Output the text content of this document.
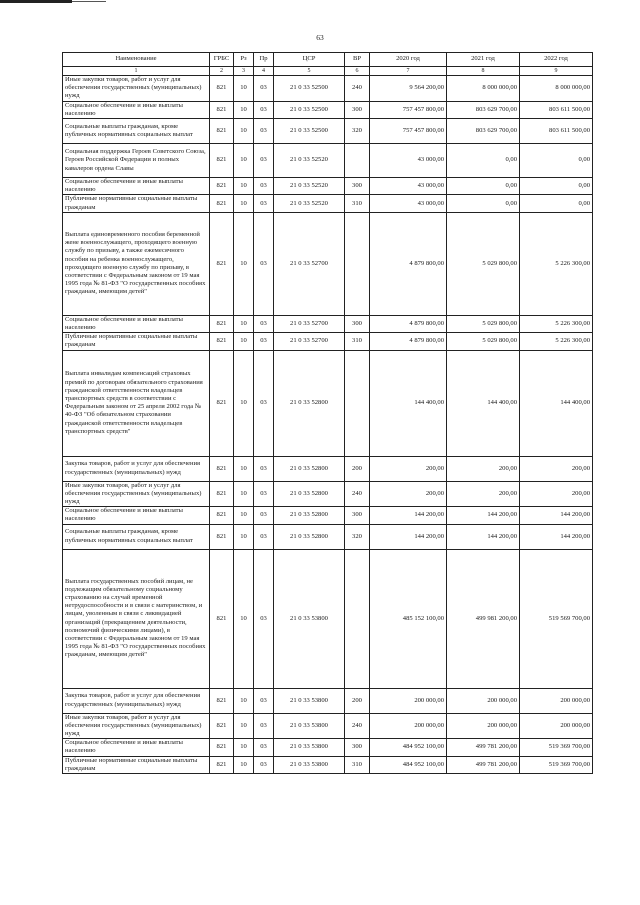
63
Наименование	ГРБС	Рз	Пр	ЦСР	ВР	2020 год	2021 год	2022 год
1	2	3	4	5	6	7	8	9
Иные закупки товаров, работ и услуг для обеспечения государственных (муниципальных) нужд	821	10	03	21 0 33 52500	240	9 564 200,00	8 000 000,00	8 000 000,00
Социальное обеспечение и иные выплаты населению	821	10	03	21 0 33 52500	300	757 457 800,00	803 629 700,00	803 611 500,00
Социальные выплаты гражданам, кроме публичных нормативных социальных выплат	821	10	03	21 0 33 52500	320	757 457 800,00	803 629 700,00	803 611 500,00
Социальная поддержка Героев Советского Союза, Героев Российской Федерации и полных кавалеров ордена Славы	821	10	03	21 0 33 52520		43 000,00	0,00	0,00
Социальное обеспечение и иные выплаты населению	821	10	03	21 0 33 52520	300	43 000,00	0,00	0,00
Публичные нормативные социальные выплаты гражданам	821	10	03	21 0 33 52520	310	43 000,00	0,00	0,00
Выплата единовременного пособия беременной жене военнослужащего, проходящего военную службу по призыву, а также ежемесячного пособия на ребенка военнослужащего, проходящего военную службу по призыву, в соответствии с Федеральным законом от 19 мая 1995 года № 81-ФЗ "О государственных пособиях гражданам, имеющим детей"	821	10	03	21 0 33 52700		4 879 800,00	5 029 800,00	5 226 300,00
Социальное обеспечение и иные выплаты населению	821	10	03	21 0 33 52700	300	4 879 800,00	5 029 800,00	5 226 300,00
Публичные нормативные социальные выплаты гражданам	821	10	03	21 0 33 52700	310	4 879 800,00	5 029 800,00	5 226 300,00
Выплата инвалидам компенсаций страховых премий по договорам обязательного страхования гражданской ответственности владельцев транспортных средств в соответствии с Федеральным законом от 25 апреля 2002 года № 40-ФЗ "Об обязательном страховании гражданской ответственности владельцев транспортных средств"	821	10	03	21 0 33 52800		144 400,00	144 400,00	144 400,00
Закупка товаров, работ и услуг для обеспечения государственных (муниципальных) нужд	821	10	03	21 0 33 52800	200	200,00	200,00	200,00
Иные закупки товаров, работ и услуг для обеспечения государственных (муниципальных) нужд	821	10	03	21 0 33 52800	240	200,00	200,00	200,00
Социальное обеспечение и иные выплаты населению	821	10	03	21 0 33 52800	300	144 200,00	144 200,00	144 200,00
Социальные выплаты гражданам, кроме публичных нормативных социальных выплат	821	10	03	21 0 33 52800	320	144 200,00	144 200,00	144 200,00
Выплата государственных пособий лицам, не подлежащим обязательному социальному страхованию на случай временной нетрудоспособности и в связи с материнством, и лицам, уволенным в связи с ликвидацией организаций (прекращением деятельности, полномочий физическими лицами), в соответствии с Федеральным законом от 19 мая 1995 года № 81-ФЗ "О государственных пособиях гражданам, имеющим детей"	821	10	03	21 0 33 53800		485 152 100,00	499 981 200,00	519 569 700,00
Закупка товаров, работ и услуг для обеспечения государственных (муниципальных) нужд	821	10	03	21 0 33 53800	200	200 000,00	200 000,00	200 000,00
Иные закупки товаров, работ и услуг для обеспечения государственных (муниципальных) нужд	821	10	03	21 0 33 53800	240	200 000,00	200 000,00	200 000,00
Социальное обеспечение и иные выплаты населению	821	10	03	21 0 33 53800	300	484 952 100,00	499 781 200,00	519 369 700,00
Публичные нормативные социальные выплаты гражданам	821	10	03	21 0 33 53800	310	484 952 100,00	499 781 200,00	519 369 700,00
